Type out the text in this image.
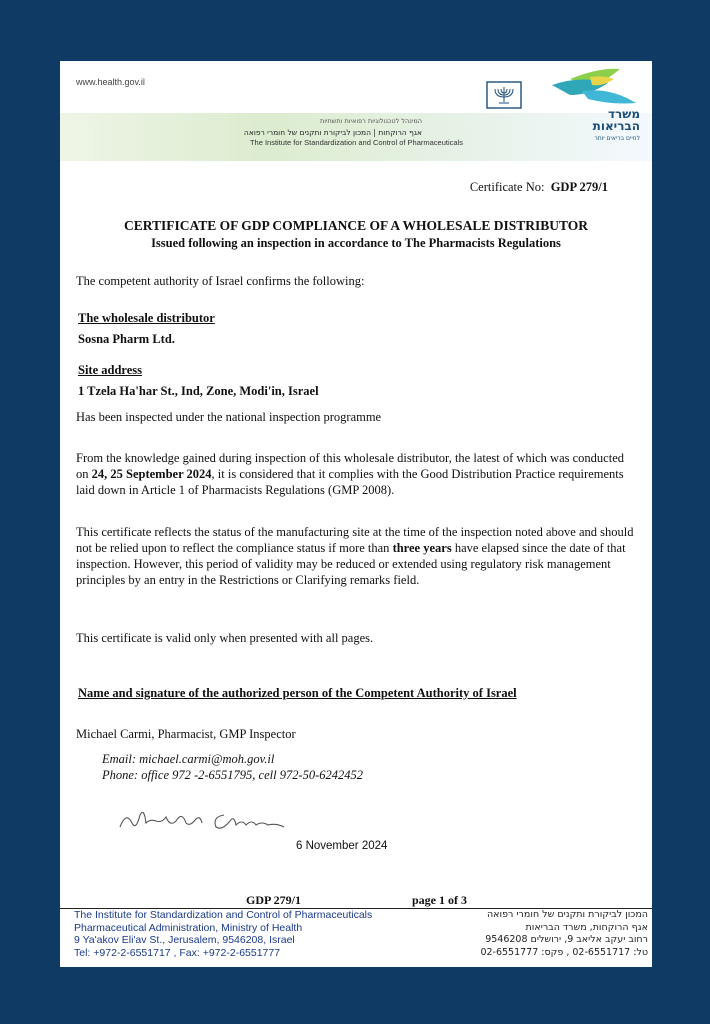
www.health.gov.il
המינהל לטכנולוגיות רפואיות ותשתיות
אגף הרוקחות | המכון לביקורת ותקנים של חומרי רפואה
The Institute for Standardization and Control of Pharmaceuticals
משרד
הבריאות
לחיים בריאים יותר
Certificate No: GDP 279/1
CERTIFICATE OF GDP COMPLIANCE OF A WHOLESALE DISTRIBUTOR
Issued following an inspection in accordance to The Pharmacists Regulations
The competent authority of Israel confirms the following:
The wholesale distributor
Sosna Pharm Ltd.
Site address
1 Tzela Ha'har St., Ind, Zone, Modi'in, Israel
Has been inspected under the national inspection programme
From the knowledge gained during inspection of this wholesale distributor, the latest of which was conducted on 24, 25 September 2024, it is considered that it complies with the Good Distribution Practice requirements laid down in Article 1 of Pharmacists Regulations (GMP 2008).
This certificate reflects the status of the manufacturing site at the time of the inspection noted above and should not be relied upon to reflect the compliance status if more than three years have elapsed since the date of that inspection. However, this period of validity may be reduced or extended using regulatory risk management principles by an entry in the Restrictions or Clarifying remarks field.
This certificate is valid only when presented with all pages.
Name and signature of the authorized person of the Competent Authority of Israel
Michael Carmi, Pharmacist, GMP Inspector
Email: michael.carmi@moh.gov.il
Phone: office 972 -2-6551795, cell 972-50-6242452
6 November 2024
GDP 279/1	page 1 of 3
The Institute for Standardization and Control of Pharmaceuticals
Pharmaceutical Administration, Ministry of Health
9 Ya'akov Eli'av St., Jerusalem, 9546208, Israel
Tel: +972-2-6551717 , Fax: +972-2-6551777
המכון לביקורת ותקנים של חומרי רפואה
אגף הרוקחות, משרד הבריאות
רחוב יעקב אליאב 9, ירושלים 9546208
טל: 02-6551717 , פקס: 02-6551777
